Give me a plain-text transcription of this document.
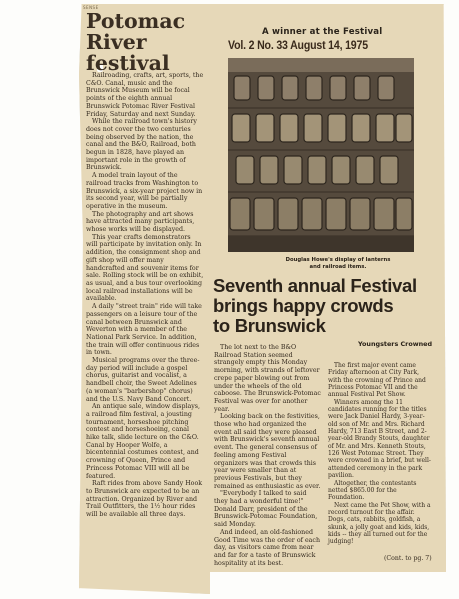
SENSE
Potomac
River
festival

Railroading, crafts, art, sports, the C&O. Canal, music and the Brunswick Museum will be focal points of the eighth annual Brunswick Potomac River Festival Friday, Saturday and next Sunday.

While the railroad town's history does not cover the two centuries being observed by the nation, the canal and the B&O, Railroad, both begun in 1828, have played an important role in the growth of Brunswick.

A model train layout of the railroad tracks from Washington to Brunswick, a six-year project now in its second year, will be partially operative in the museum.

The photography and art shows have attracted many participants, whose works will be displayed.

This year crafts demonstrators will participate by invitation only. In addition, the consignment shop and gift shop will offer many handcrafted and souvenir items for sale. Rolling stock will be on exhibit, as usual, and a bus tour overlooking local railroad installations will be available.

A daily "street train" ride will take passengers on a leisure tour of the canal between Brunswick and Weverton with a member of the National Park Service. In addition, the train will offer continuous rides in town.

Musical programs over the three-day period will include a gospel chorus, guitarist and vocalist, a handbell choir, the Sweet Adelines (a woman's "barbershop" chorus) and the U.S. Navy Band Concert.

An antique sale, window displays, a railroad film festival, a jousting tournament, horseshoe pitching contest and horseshoeing, canal hike talk, slide lecture on the C&O. Canal by Hooper Wolfe, a bicentennial costumes contest, and crowning of Queen, Prince and Princess Potomac VIII will all be featured.

Raft rides from above Sandy Hook to Brunswick are expected to be an attraction. Organized by River and Trail Outfitters, the 1½ hour rides will be available all three days.

A winner at the Festival
Vol. 2 No. 33 August 14, 1975
Douglas Howe's display of lanterns and railroad items.
Seventh annual Festival
brings happy crowds
to Brunswick

The lot next to the B&O Railroad Station seemed strangely empty this Monday morning, with strands of leftover crepe paper blowing out from under the wheels of the old caboose. The Brunswick-Potomac Festival was over for another year.

Looking back on the festivities, those who had organized the event all said they were pleased with Brunswick's seventh annual event. The general consensus of feeling among Festival organizers was that crowds this year were smaller than at previous Festivals, but they remained as enthusiastic as ever.

"Everybody I talked to said they had a wonderful time!" Donald Darr, president of the Brunswick-Potomac Foundation, said Monday.

And indeed, an old-fashioned Good Time was the order of each day, as visitors came from near and far for a taste of Brunswick hospitality at its best.

Youngsters Crowned

The first major event came Friday afternoon at City Park, with the crowning of Prince and Princess Potomac VII and the annual Festival Pet Show.

Winners among the 11 candidates running for the titles were Jack Daniel Hardy, 3-year-old son of Mr. and Mrs. Richard Hardy, 713 East B Street, and 2-year-old Brandy Stouts, daughter of Mr. and Mrs. Kenneth Stouts, 126 West Potomac Street. They were crowned in a brief, but well-attended ceremony in the park pavilion.

Altogether, the contestants netted $865.00 for the Foundation.

Next came the Pet Show, with a record turnout for the affair. Dogs, cats, rabbits, goldfish, a skunk, a jolly goat and kids, kids, kids -- they all turned out for the judging!

(Cont. to pg. 7)
